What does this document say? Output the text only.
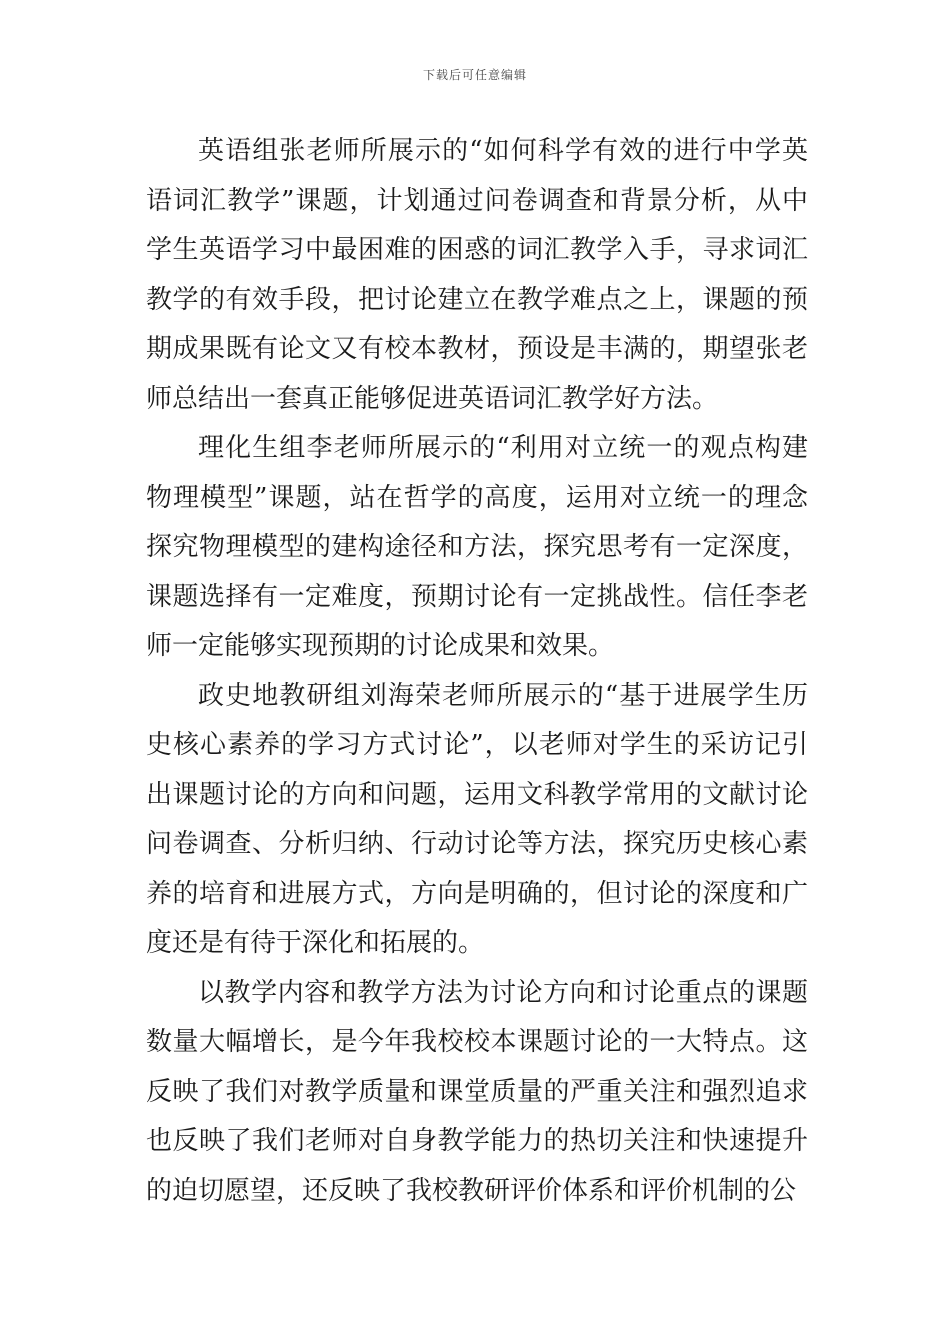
下载后可任意编辑

英语组张老师所展示的“如何科学有效的进行中学英语词汇教学”课题，计划通过问卷调查和背景分析，从中学生英语学习中最困难的困惑的词汇教学入手，寻求词汇教学的有效手段，把讨论建立在教学难点之上，课题的预期成果既有论文又有校本教材，预设是丰满的，期望张老师总结出一套真正能够促进英语词汇教学好方法。

理化生组李老师所展示的“利用对立统一的观点构建物理模型”课题，站在哲学的高度，运用对立统一的理念探究物理模型的建构途径和方法，探究思考有一定深度，课题选择有一定难度，预期讨论有一定挑战性。信任李老师一定能够实现预期的讨论成果和效果。

政史地教研组刘海荣老师所展示的“基于进展学生历史核心素养的学习方式讨论”，以老师对学生的采访记引出课题讨论的方向和问题，运用文科教学常用的文献讨论问卷调查、分析归纳、行动讨论等方法，探究历史核心素养的培育和进展方式，方向是明确的，但讨论的深度和广度还是有待于深化和拓展的。

以教学内容和教学方法为讨论方向和讨论重点的课题数量大幅增长，是今年我校校本课题讨论的一大特点。这反映了我们对教学质量和课堂质量的严重关注和强烈追求也反映了我们老师对自身教学能力的热切关注和快速提升的迫切愿望，还反映了我校教研评价体系和评价机制的公
